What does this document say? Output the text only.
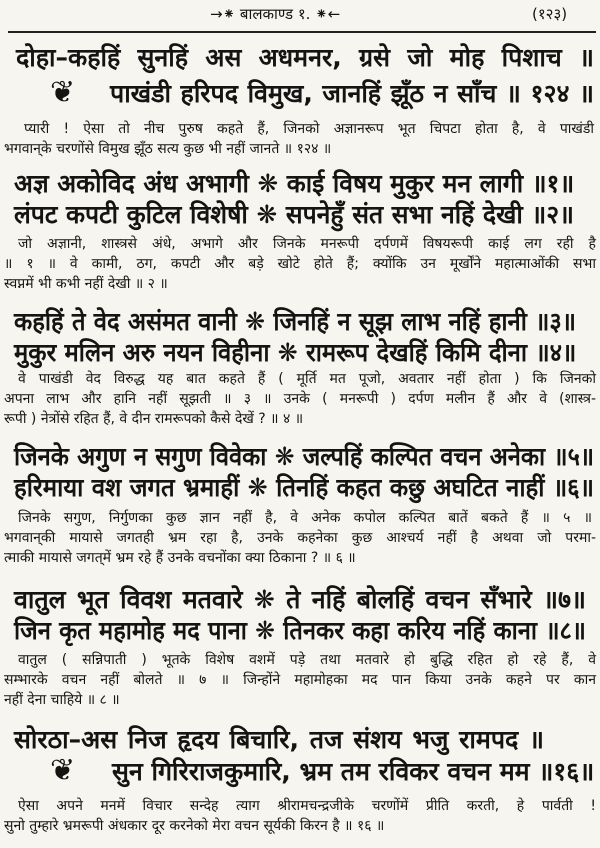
→⁕ बालकाण्ड १. ⁕←	(१२३)
दोहा–कहहिं सुनहिं अस अधमनर, ग्रसे जो मोह पिशाच ॥
❦ पाखंडी हरिपद विमुख, जानहिं झूँठ न साँच ॥ १२४ ॥
प्यारी ! ऐसा तो नीच पुरुष कहते हैं, जिनको अज्ञानरूप भूत चिपटा होता है, वे पाखंडी
भगवान्‌के चरणोंसे विमुख झूँठ सत्य कुछ भी नहीं जानते ॥ १२४ ॥
अज्ञ अकोविद अंध अभागी ❋ काई विषय मुकुर मन लागी ॥१॥
लंपट कपटी कुटिल विशेषी ❋ सपनेहुँ संत सभा नहिं देखी ॥२॥
जो अज्ञानी, शास्त्रसे अंधे, अभागे और जिनके मनरूपी दर्पणमें विषयरूपी काई लग रही है
॥ १ ॥ वे कामी, ठग, कपटी और बड़े खोटे होते हैं; क्योंकि उन मूर्खोंने महात्माओंकी सभा
स्वप्नमें भी कभी नहीं देखी ॥ २ ॥
कहहिं ते वेद असंमत वानी ❋ जिनहिं न सूझ लाभ नहिं हानी ॥३॥
मुकुर मलिन अरु नयन विहीना ❋ रामरूप देखहिं किमि दीना ॥४॥
वे पाखंडी वेद विरुद्ध यह बात कहते हैं ( मूर्ति मत पूजो, अवतार नहीं होता ) कि जिनको
अपना लाभ और हानि नहीं सूझती ॥ ३ ॥ उनके ( मनरूपी ) दर्पण मलीन हैं और वे (शास्त्र-
रूपी ) नेत्रोंसे रहित हैं, वे दीन रामरूपको कैसे देखें ? ॥ ४ ॥
जिनके अगुण न सगुण विवेका ❋ जल्पहिं कल्पित वचन अनेका ॥५॥
हरिमाया वश जगत भ्रमाहीं ❋ तिनहिं कहत कछु अघटित नाहीं ॥६॥
जिनके सगुण, निर्गुणका कुछ ज्ञान नहीं है, वे अनेक कपोल कल्पित बातें बकते हैं ॥ ५ ॥
भगवान्‌की मायासे जगतही भ्रम रहा है, उनके कहनेका कुछ आश्चर्य नहीं है अथवा जो परमा-
त्माकी मायासे जगत्‌में भ्रम रहे हैं उनके वचनोंका क्या ठिकाना ? ॥ ६ ॥
वातुल भूत विवश मतवारे ❋ ते नहिं बोलहिं वचन सँभारे ॥७॥
जिन कृत महामोह मद पाना ❋ तिनकर कहा करिय नहिं काना ॥८॥
वातुल ( सन्निपाती ) भूतके विशेष वशमें पड़े तथा मतवारे हो बुद्धि रहित हो रहे हैं, वे
सम्भारके वचन नहीं बोलते ॥ ७ ॥ जिन्होंने महामोहका मद पान किया उनके कहने पर कान
नहीं देना चाहिये ॥ ८ ॥
सोरठा–अस निज हृदय बिचारि, तज संशय भजु रामपद ॥
❦ सुन गिरिराजकुमारि, भ्रम तम रविकर वचन मम ॥१६॥
ऐसा अपने मनमें विचार सन्देह त्याग श्रीरामचन्द्रजीके चरणोंमें प्रीति करती, हे पार्वती !
सुनो तुम्हारे भ्रमरूपी अंधकार दूर करनेको मेरा वचन सूर्यकी किरन है ॥ १६ ॥
